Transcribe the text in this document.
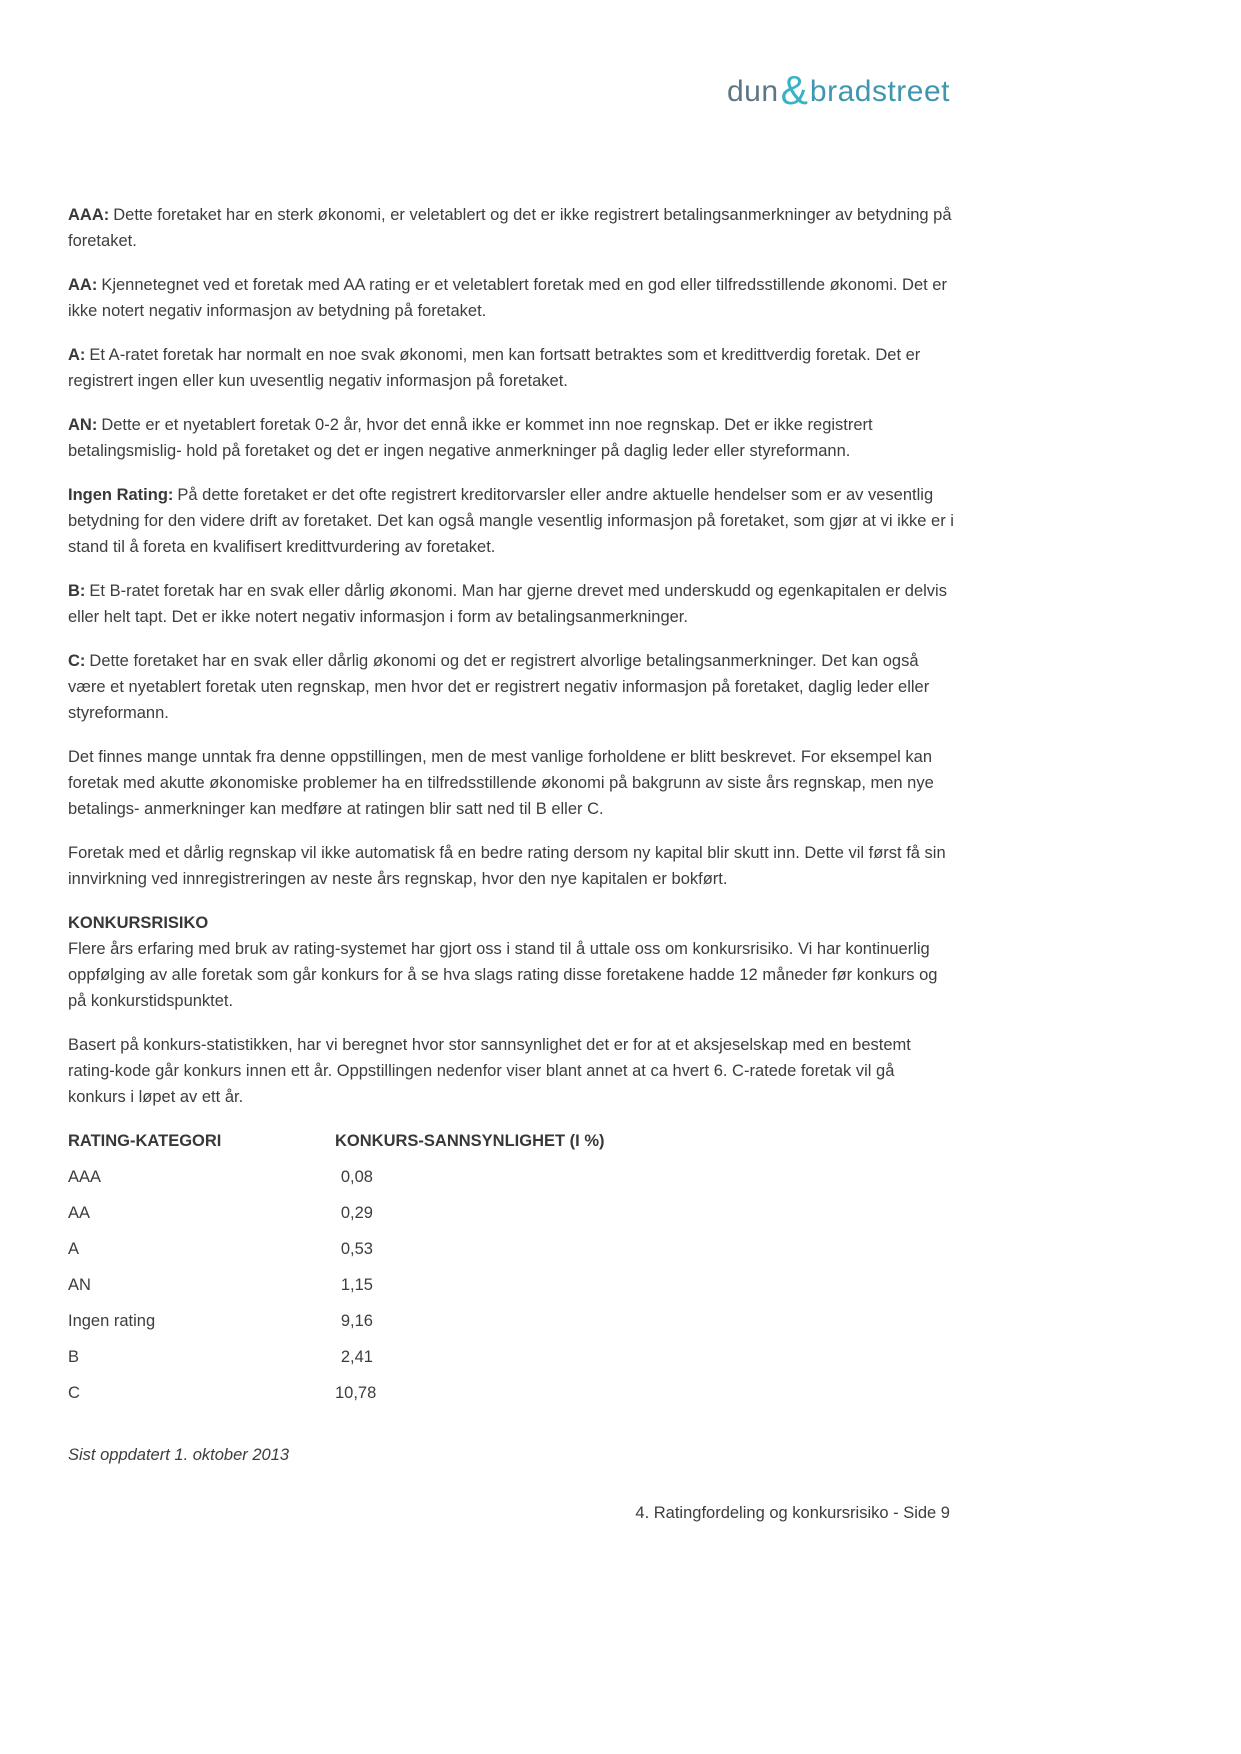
dun & bradstreet

AAA: Dette foretaket har en sterk økonomi, er veletablert og det er ikke registrert betalingsanmerkninger av betydning på foretaket.

AA: Kjennetegnet ved et foretak med AA rating er et veletablert foretak med en god eller tilfredsstillende økonomi. Det er ikke notert negativ informasjon av betydning på foretaket.

A: Et A-ratet foretak har normalt en noe svak økonomi, men kan fortsatt betraktes som et kredittverdig foretak. Det er registrert ingen eller kun uvesentlig negativ informasjon på foretaket.

AN: Dette er et nyetablert foretak 0-2 år, hvor det ennå ikke er kommet inn noe regnskap. Det er ikke registrert betalingsmislig- hold på foretaket og det er ingen negative anmerkninger på daglig leder eller styreformann.

Ingen Rating: På dette foretaket er det ofte registrert kreditorvarsler eller andre aktuelle hendelser som er av vesentlig betydning for den videre drift av foretaket. Det kan også mangle vesentlig informasjon på foretaket, som gjør at vi ikke er i stand til å foreta en kvalifisert kredittvurdering av foretaket.

B: Et B-ratet foretak har en svak eller dårlig økonomi. Man har gjerne drevet med underskudd og egenkapitalen er delvis eller helt tapt. Det er ikke notert negativ informasjon i form av betalingsanmerkninger.

C: Dette foretaket har en svak eller dårlig økonomi og det er registrert alvorlige betalingsanmerkninger. Det kan også være et nyetablert foretak uten regnskap, men hvor det er registrert negativ informasjon på foretaket, daglig leder eller styreformann.

Det finnes mange unntak fra denne oppstillingen, men de mest vanlige forholdene er blitt beskrevet. For eksempel kan foretak med akutte økonomiske problemer ha en tilfredsstillende økonomi på bakgrunn av siste års regnskap, men nye betalings- anmerkninger kan medføre at ratingen blir satt ned til B eller C.

Foretak med et dårlig regnskap vil ikke automatisk få en bedre rating dersom ny kapital blir skutt inn. Dette vil først få sin innvirkning ved innregistreringen av neste års regnskap, hvor den nye kapitalen er bokført.

KONKURSRISIKO

Flere års erfaring med bruk av rating-systemet har gjort oss i stand til å uttale oss om konkursrisiko. Vi har kontinuerlig oppfølging av alle foretak som går konkurs for å se hva slags rating disse foretakene hadde 12 måneder før konkurs og på konkurstidspunktet.

Basert på konkurs-statistikken, har vi beregnet hvor stor sannsynlighet det er for at et aksjeselskap med en bestemt rating-kode går konkurs innen ett år. Oppstillingen nedenfor viser blant annet at ca hvert 6. C-ratede foretak vil gå konkurs i løpet av ett år.

RATING-KATEGORI	KONKURS-SANNSYNLIGHET (I %)
AAA	0,08
AA	0,29
A	0,53
AN	1,15
Ingen rating	9,16
B	2,41
C	10,78

Sist oppdatert 1. oktober 2013

4. Ratingfordeling og konkursrisiko - Side 9
